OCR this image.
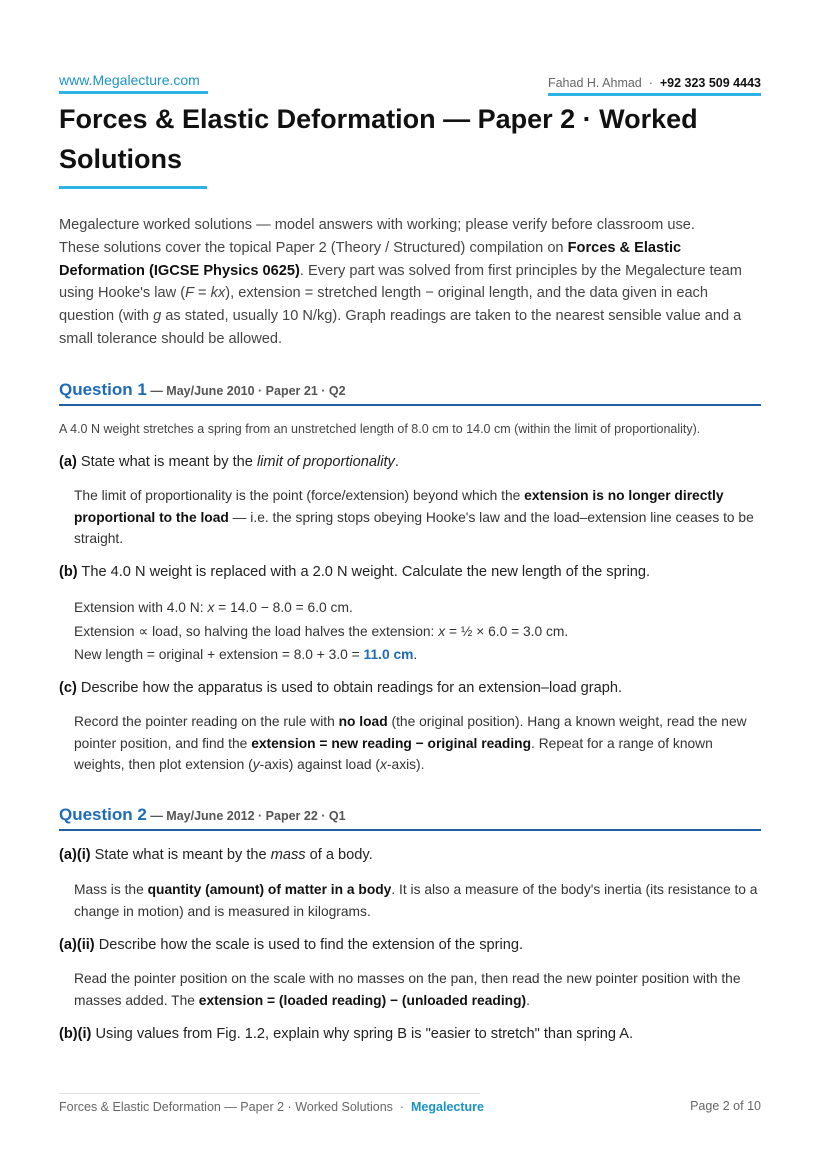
www.Megalecture.com	Fahad H. Ahmad · +92 323 509 4443
Forces & Elastic Deformation — Paper 2 · Worked Solutions

Megalecture worked solutions — model answers with working; please verify before classroom use.
These solutions cover the topical Paper 2 (Theory / Structured) compilation on Forces & Elastic Deformation (IGCSE Physics 0625). Every part was solved from first principles by the Megalecture team using Hooke's law (F = kx), extension = stretched length − original length, and the data given in each question (with g as stated, usually 10 N/kg). Graph readings are taken to the nearest sensible value and a small tolerance should be allowed.

Question 1 — May/June 2010 · Paper 21 · Q2

A 4.0 N weight stretches a spring from an unstretched length of 8.0 cm to 14.0 cm (within the limit of proportionality).

(a) State what is meant by the limit of proportionality.

The limit of proportionality is the point (force/extension) beyond which the extension is no longer directly proportional to the load — i.e. the spring stops obeying Hooke's law and the load–extension line ceases to be straight.

(b) The 4.0 N weight is replaced with a 2.0 N weight. Calculate the new length of the spring.

Extension with 4.0 N: x = 14.0 − 8.0 = 6.0 cm.
Extension ∝ load, so halving the load halves the extension: x = ½ × 6.0 = 3.0 cm.
New length = original + extension = 8.0 + 3.0 = 11.0 cm.

(c) Describe how the apparatus is used to obtain readings for an extension–load graph.

Record the pointer reading on the rule with no load (the original position). Hang a known weight, read the new pointer position, and find the extension = new reading − original reading. Repeat for a range of known weights, then plot extension (y-axis) against load (x-axis).

Question 2 — May/June 2012 · Paper 22 · Q1

(a)(i) State what is meant by the mass of a body.

Mass is the quantity (amount) of matter in a body. It is also a measure of the body's inertia (its resistance to a change in motion) and is measured in kilograms.

(a)(ii) Describe how the scale is used to find the extension of the spring.

Read the pointer position on the scale with no masses on the pan, then read the new pointer position with the masses added. The extension = (loaded reading) − (unloaded reading).

(b)(i) Using values from Fig. 1.2, explain why spring B is "easier to stretch" than spring A.

Forces & Elastic Deformation — Paper 2 · Worked Solutions · Megalecture	Page 2 of 10
